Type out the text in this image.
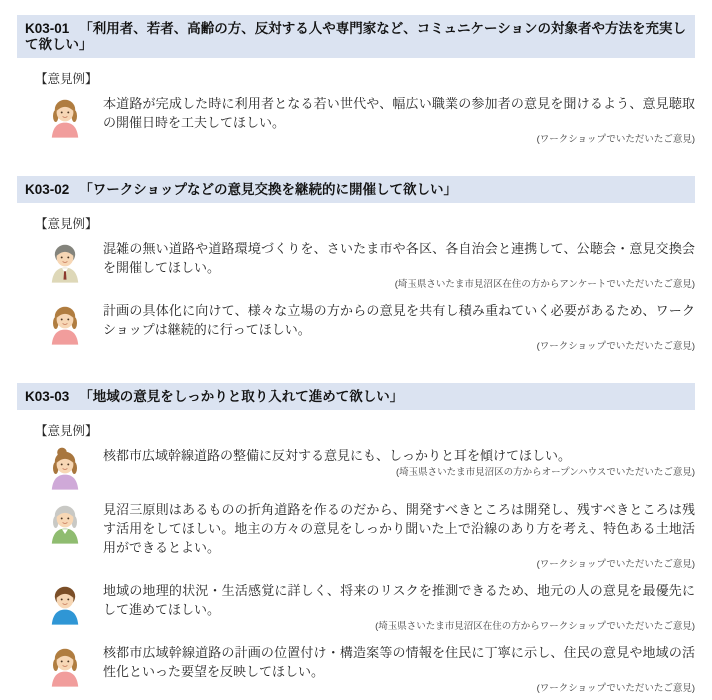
K03-01 「利用者、若者、高齢の方、反対する人や専門家など、コミュニケーションの対象者や方法を充実して欲しい」
【意見例】
本道路が完成した時に利用者となる若い世代や、幅広い職業の参加者の意見を聞けるよう、意見聴取の開催日時を工夫してほしい。
(ワークショップでいただいたご意見)
K03-02 「ワークショップなどの意見交換を継続的に開催して欲しい」
【意見例】
混雑の無い道路や道路環境づくりを、さいたま市や各区、各自治会と連携して、公聴会・意見交換会を開催してほしい。
(埼玉県さいたま市見沼区在住の方からアンケートでいただいたご意見)
計画の具体化に向けて、様々な立場の方からの意見を共有し積み重ねていく必要があるため、ワークショップは継続的に行ってほしい。
(ワークショップでいただいたご意見)
K03-03 「地域の意見をしっかりと取り入れて進めて欲しい」
【意見例】
核都市広域幹線道路の整備に反対する意見にも、しっかりと耳を傾けてほしい。
(埼玉県さいたま市見沼区の方からオープンハウスでいただいたご意見)
見沼三原則はあるものの折角道路を作るのだから、開発すべきところは開発し、残すべきところは残す活用をしてほしい。地主の方々の意見をしっかり聞いた上で沿線のあり方を考え、特色ある土地活用ができるとよい。
(ワークショップでいただいたご意見)
地域の地理的状況・生活感覚に詳しく、将来のリスクを推測できるため、地元の人の意見を最優先にして進めてほしい。
(埼玉県さいたま市見沼区在住の方からワークショップでいただいたご意見)
核都市広域幹線道路の計画の位置付け・構造案等の情報を住民に丁寧に示し、住民の意見や地域の活性化といった要望を反映してほしい。
(ワークショップでいただいたご意見)
